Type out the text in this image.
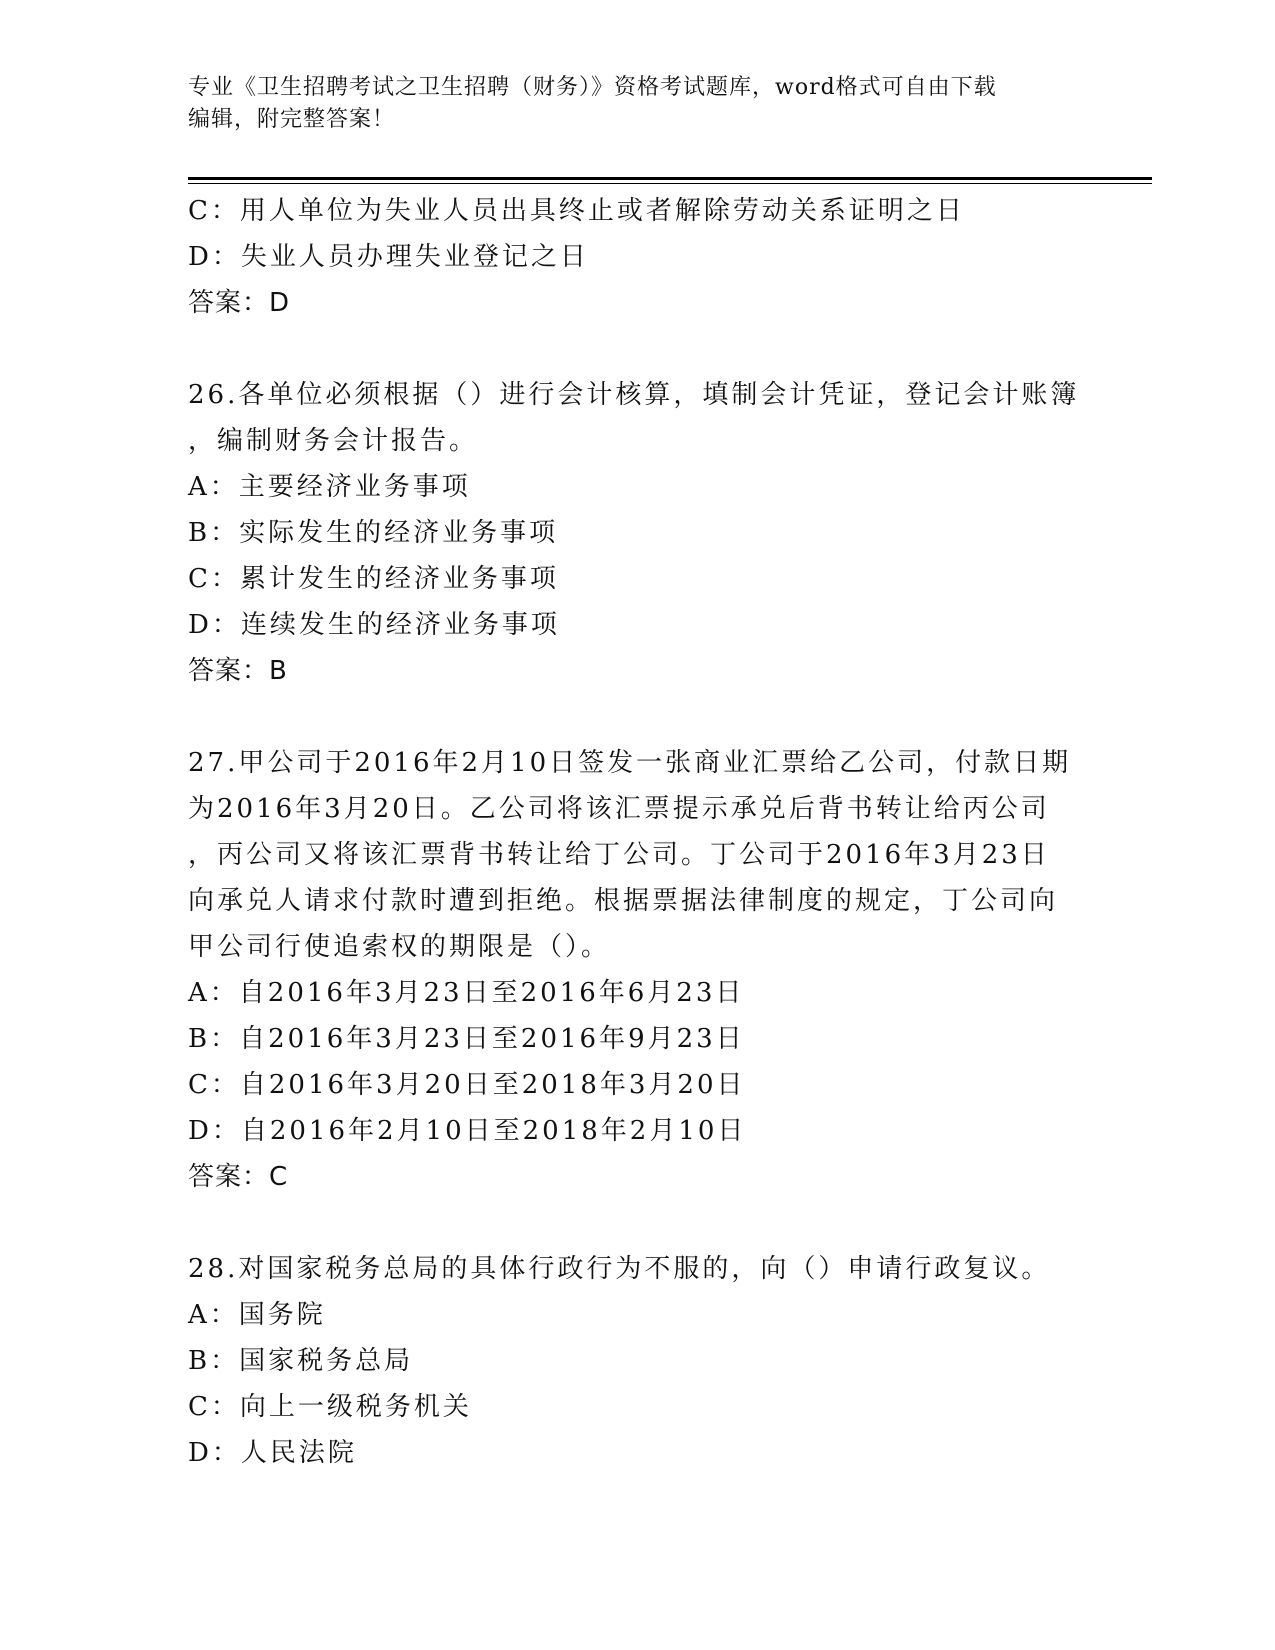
专业《卫生招聘考试之卫生招聘（财务）》资格考试题库，word格式可自由下载
编辑，附完整答案！
C：用人单位为失业人员出具终止或者解除劳动关系证明之日
D：失业人员办理失业登记之日
答案：D
26.各单位必须根据（）进行会计核算，填制会计凭证，登记会计账簿
，编制财务会计报告。
A：主要经济业务事项
B：实际发生的经济业务事项
C：累计发生的经济业务事项
D：连续发生的经济业务事项
答案：B
27.甲公司于2016年2月10日签发一张商业汇票给乙公司，付款日期
为2016年3月20日。乙公司将该汇票提示承兑后背书转让给丙公司
，丙公司又将该汇票背书转让给丁公司。丁公司于2016年3月23日
向承兑人请求付款时遭到拒绝。根据票据法律制度的规定，丁公司向
甲公司行使追索权的期限是（）。
A：自2016年3月23日至2016年6月23日
B：自2016年3月23日至2016年9月23日
C：自2016年3月20日至2018年3月20日
D：自2016年2月10日至2018年2月10日
答案：C
28.对国家税务总局的具体行政行为不服的，向（）申请行政复议。
A：国务院
B：国家税务总局
C：向上一级税务机关
D：人民法院
